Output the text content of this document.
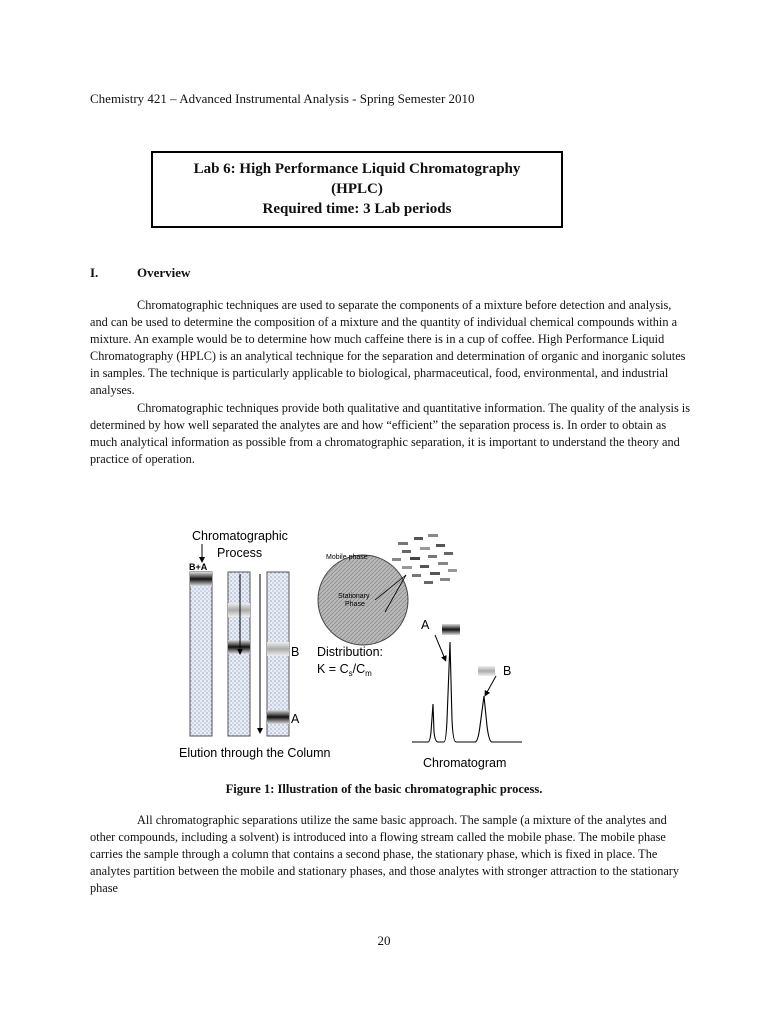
Chemistry 421 – Advanced Instrumental Analysis - Spring Semester 2010
Lab 6: High Performance Liquid Chromatography
(HPLC)
Required time: 3 Lab periods
I.	Overview

Chromatographic techniques are used to separate the components of a mixture before detection and analysis, and can be used to determine the composition of a mixture and the quantity of individual chemical compounds within a mixture. An example would be to determine how much caffeine there is in a cup of coffee. High Performance Liquid Chromatography (HPLC) is an analytical technique for the separation and determination of organic and inorganic solutes in samples. The technique is particularly applicable to biological, pharmaceutical, food, environmental, and industrial analyses.

Chromatographic techniques provide both qualitative and quantitative information. The quality of the analysis is determined by how well separated the analytes are and how “efficient” the separation process is. In order to obtain as much analytical information as possible from a chromatographic separation, it is important to understand the theory and practice of operation.

Chromatographic
Process
B+A
B
A
Elution through the Column
Mobile phase
Stationary
Phase
Distribution:
$K = C_s/C_m$
A
B
Chromatogram
Figure 1: Illustration of the basic chromatographic process.

All chromatographic separations utilize the same basic approach. The sample (a mixture of the analytes and other compounds, including a solvent) is introduced into a flowing stream called the mobile phase. The mobile phase carries the sample through a column that contains a second phase, the stationary phase, which is fixed in place. The analytes partition between the mobile and stationary phases, and those analytes with stronger attraction to the stationary phase

20
